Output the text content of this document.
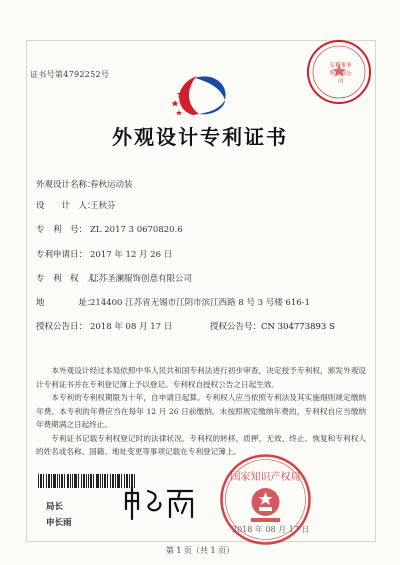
证书号第4792252号
专利事务所有限公司
外观设计专利证书
外观设计名称：春秋运动装
设　　计　人：王秋芬
专　利　号： ZL 2017 3 0670820.6
专利申请日： 2017 年 12 月 26 日
专　利　权　人：江苏圣澜服饰创意有限公司
地　　　　址：214400 江苏省无锡市江阴市滨江西路 8 号 3 号楼 616-1
授权公告日： 2018 年 08 月 17 日	授权公告号：CN 304773893 S

本外观设计经过本局依照中华人民共和国专利法进行初步审查，决定授予专利权，颁发外观设计专利证书并在专利登记簿上予以登记。专利权自授权公告之日起生效。

本专利的专利权期限为十年，自申请日起算。专利权人应当依照专利法及其实施细则规定缴纳年费。本专利的年费应当在每年 12 月 26 日前缴纳。未按照规定缴纳年费的，专利权自应当缴纳年费期满之日起终止。

专利证书记载专利权登记时的法律状况。专利权的转移、质押、无效、终止、恢复和专利权人的姓名或名称、国籍、地址变更等事项记载在专利登记簿上。

局长
申长雨
国家知识产权局
2018 年 08 月 17 日
第 1 页（共 1 页）
